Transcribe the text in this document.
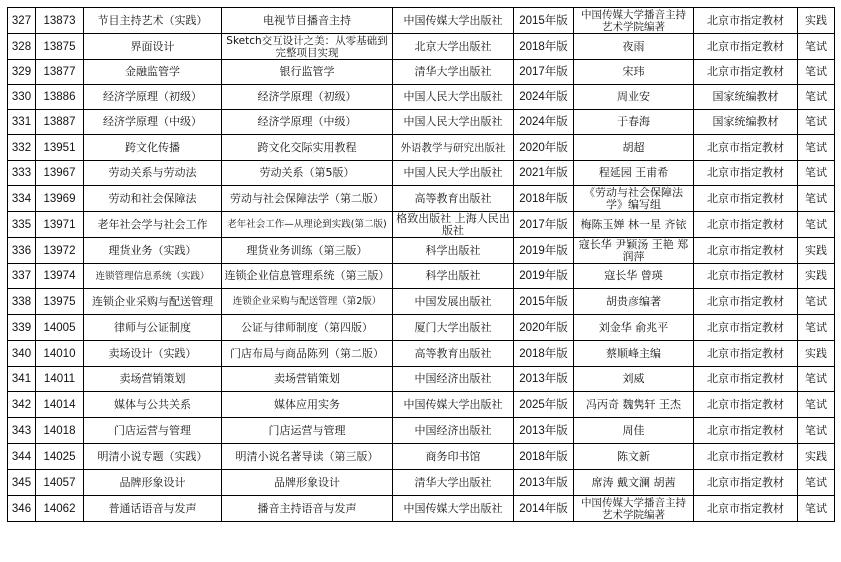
327	13873	节目主持艺术（实践）	电视节目播音主持	中国传媒大学出版社	2015年版	中国传媒大学播音主持艺术学院编著	北京市指定教材	实践
328	13875	界面设计	Sketch交互设计之美：从零基础到完整项目实现	北京大学出版社	2018年版	夜雨	北京市指定教材	笔试
329	13877	金融监管学	银行监管学	清华大学出版社	2017年版	宋玮	北京市指定教材	笔试
330	13886	经济学原理（初级）	经济学原理（初级）	中国人民大学出版社	2024年版	周业安	国家统编教材	笔试
331	13887	经济学原理（中级）	经济学原理（中级）	中国人民大学出版社	2024年版	于春海	国家统编教材	笔试
332	13951	跨文化传播	跨文化交际实用教程	外语教学与研究出版社	2020年版	胡超	北京市指定教材	笔试
333	13967	劳动关系与劳动法	劳动关系（第5版）	中国人民大学出版社	2021年版	程延园 王甫希	北京市指定教材	笔试
334	13969	劳动和社会保障法	劳动与社会保障法学（第二版）	高等教育出版社	2018年版	《劳动与社会保障法学》编写组	北京市指定教材	笔试
335	13971	老年社会学与社会工作	老年社会工作—从理论到实践(第二版)	格致出版社 上海人民出版社	2017年版	梅陈玉婵 林一星 齐铱	北京市指定教材	笔试
336	13972	理货业务（实践）	理货业务训练（第三版）	科学出版社	2019年版	寇长华 尹颖汤 王艳 郑润萍	北京市指定教材	实践
337	13974	连锁管理信息系统（实践）	连锁企业信息管理系统（第三版）	科学出版社	2019年版	寇长华 曾瑛	北京市指定教材	实践
338	13975	连锁企业采购与配送管理	连锁企业采购与配送管理（第2版）	中国发展出版社	2015年版	胡贵彦编著	北京市指定教材	笔试
339	14005	律师与公证制度	公证与律师制度（第四版）	厦门大学出版社	2020年版	刘金华 俞兆平	北京市指定教材	笔试
340	14010	卖场设计（实践）	门店布局与商品陈列（第二版）	高等教育出版社	2018年版	蔡顺峰主编	北京市指定教材	实践
341	14011	卖场营销策划	卖场营销策划	中国经济出版社	2013年版	刘威	北京市指定教材	笔试
342	14014	媒体与公共关系	媒体应用实务	中国传媒大学出版社	2025年版	冯丙奇 魏隽轩 王杰	北京市指定教材	笔试
343	14018	门店运营与管理	门店运营与管理	中国经济出版社	2013年版	周佳	北京市指定教材	笔试
344	14025	明清小说专题（实践）	明清小说名著导读（第三版）	商务印书馆	2018年版	陈文新	北京市指定教材	实践
345	14057	品牌形象设计	品牌形象设计	清华大学出版社	2013年版	席涛 戴文澜 胡茜	北京市指定教材	笔试
346	14062	普通话语音与发声	播音主持语音与发声	中国传媒大学出版社	2014年版	中国传媒大学播音主持艺术学院编著	北京市指定教材	笔试
